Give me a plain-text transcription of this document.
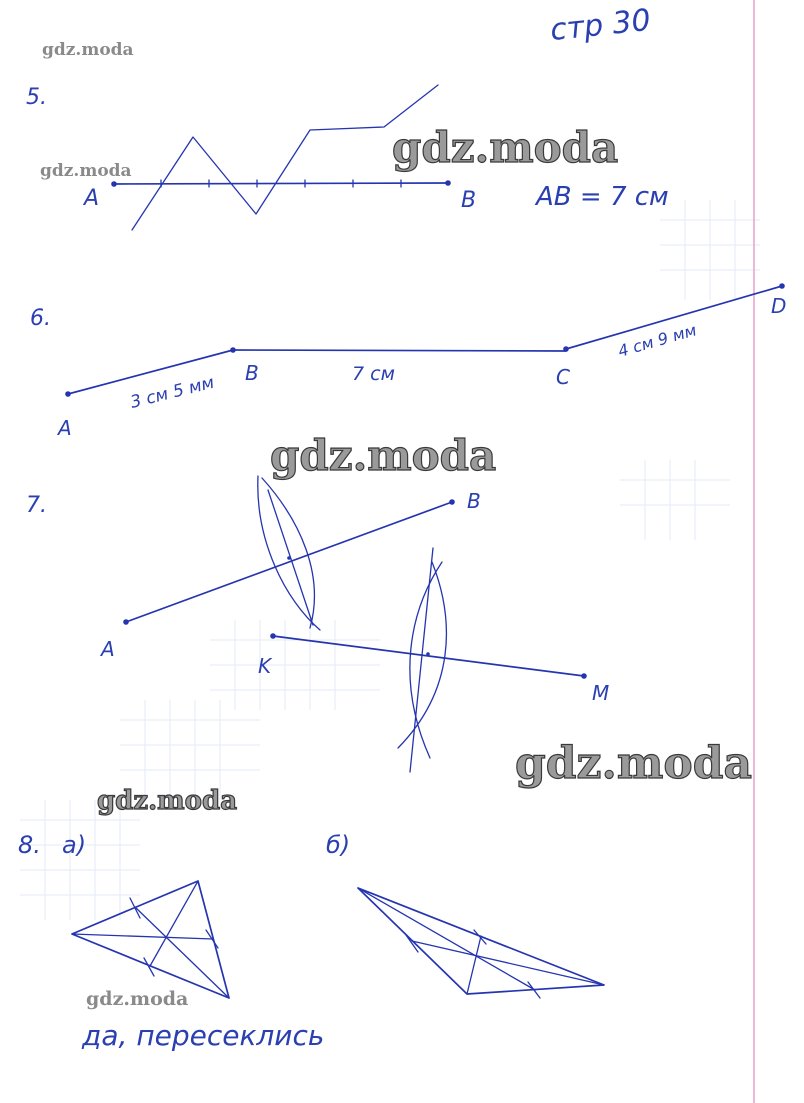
стр 30
gdz.moda
gdz.moda	gdz.moda
gdz.moda
gdz.moda
gdz.moda
gdz.moda
5.
A	B AB = 7 см
6.
A
B	C
D
3 см 5 мм	7 см
4 см 9 мм
7.
A
B
K
M
8. а)	б)
да, пересеклись
